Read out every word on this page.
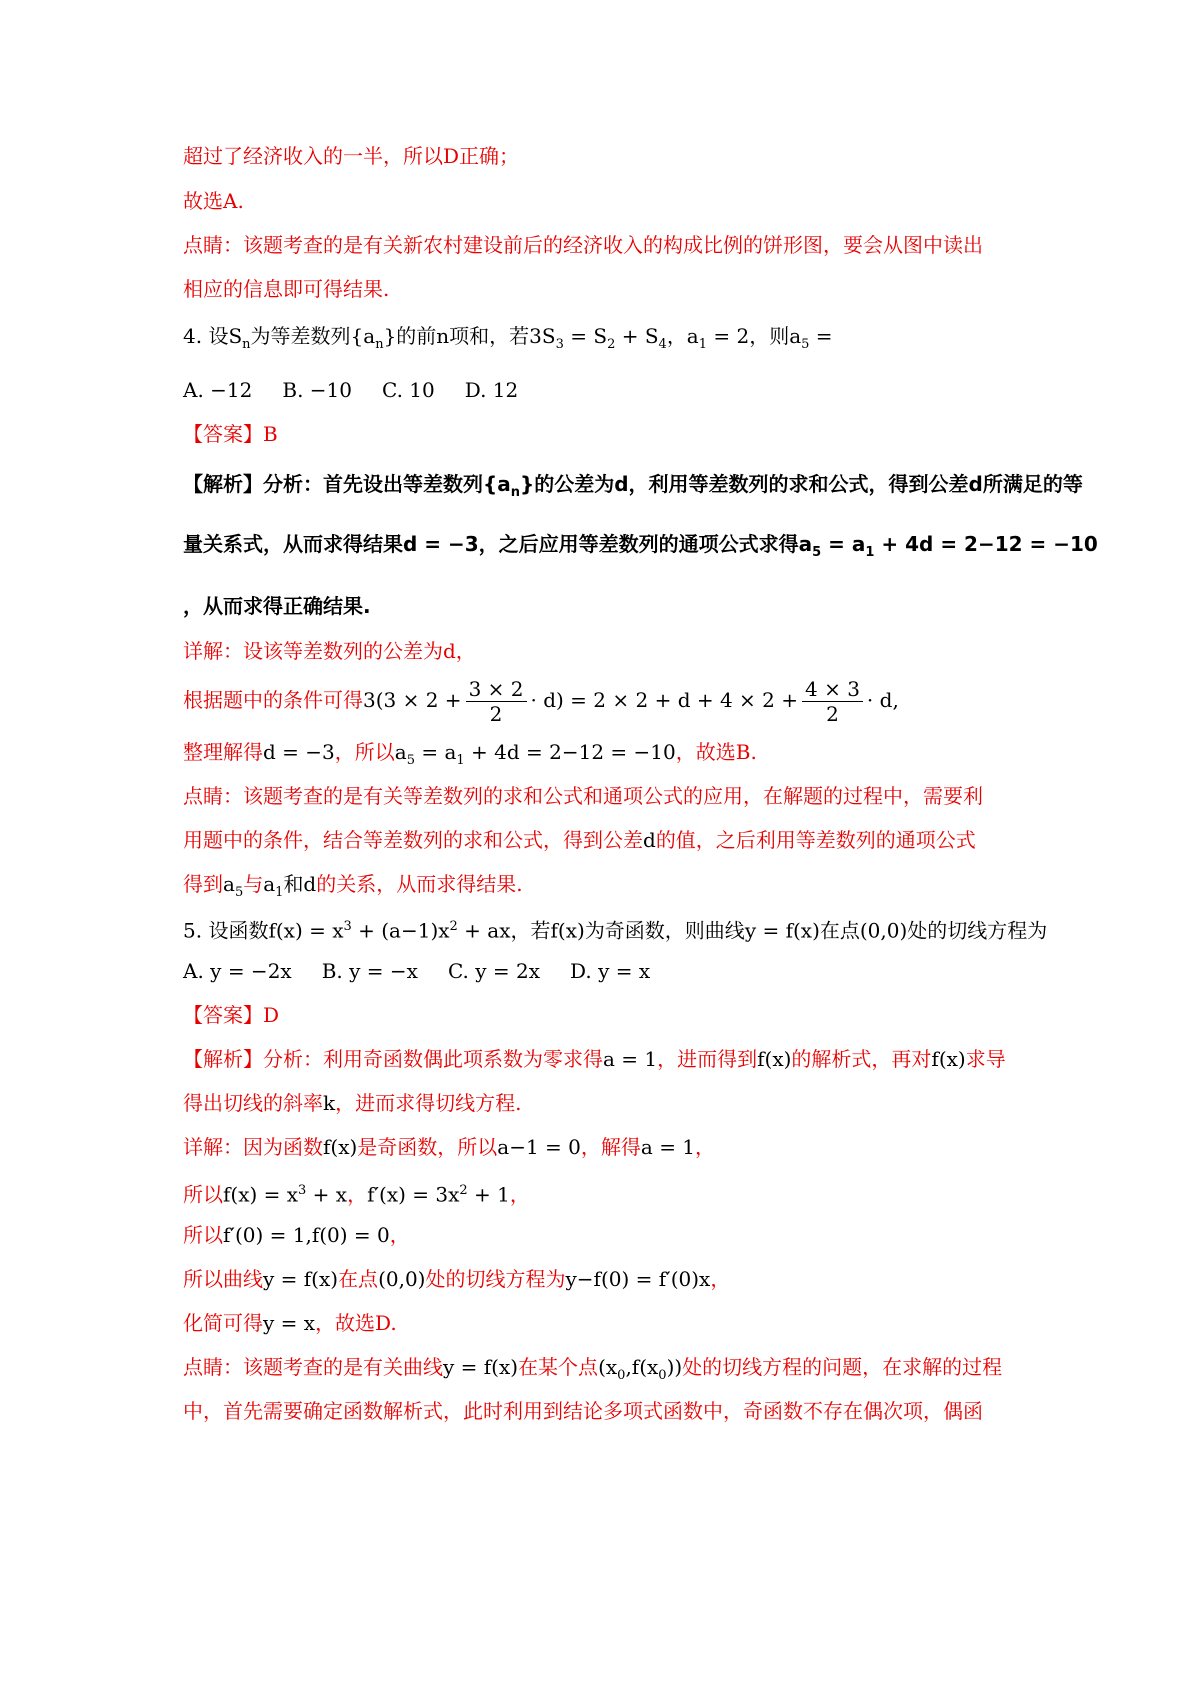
超过了经济收入的一半，所以D正确；
故选A.
点睛：该题考查的是有关新农村建设前后的经济收入的构成比例的饼形图，要会从图中读出
相应的信息即可得结果.
4. 设$S_n$为等差数列$\{a_n\}$的前n项和，若$3S_3 = S_2 + S_4$，$a_1 = 2$，则$a_5$ =
A. −12 B. −10 C. 10 D. 12
【答案】B
【解析】分析：首先设出等差数列$\{a_n\}$的公差为d，利用等差数列的求和公式，得到公差d所满足的等
量关系式，从而求得结果d = −3，之后应用等差数列的通项公式求得$a_5 = a_1 + 4d = 2-12 = -10$
，从而求得正确结果.
详解：设该等差数列的公差为d，
根据题中的条件可得$3(3 \times 2 + \frac{3 \times 2}{2} \cdot d) = 2 \times 2 + d + 4 \times 2 + \frac{4 \times 3}{2} \cdot d$,
整理解得d = −3，所以$a_5 = a_1 + 4d = 2-12 = -10$，故选B.
点睛：该题考查的是有关等差数列的求和公式和通项公式的应用，在解题的过程中，需要利
用题中的条件，结合等差数列的求和公式，得到公差d的值，之后利用等差数列的通项公式
得到$a_5$与$a_1$和d的关系，从而求得结果.
5. 设函数$f(x) = x^3 + (a-1)x^2$ + ax，若f(x)为奇函数，则曲线y = f(x)在点(0,0)处的切线方程为
A. y = −2x B. y = −x C. y = 2x D. y = x
【答案】D
【解析】分析：利用奇函数偶此项系数为零求得a = 1，进而得到f(x)的解析式，再对f(x)求导
得出切线的斜率k，进而求得切线方程.
详解：因为函数f(x)是奇函数，所以a−1 = 0，解得a = 1，
所以$f(x) = x^3 + x$，$f'(x) = 3x^2 + 1$，
所以f′(0) = 1,f(0) = 0，
所以曲线y = f(x)在点(0,0)处的切线方程为y−f(0) = f′(0)x，
化简可得y = x，故选D.
点睛：该题考查的是有关曲线y = f(x)在某个点$(x_0,f(x_0))$处的切线方程的问题，在求解的过程
中，首先需要确定函数解析式，此时利用到结论多项式函数中，奇函数不存在偶次项，偶函
